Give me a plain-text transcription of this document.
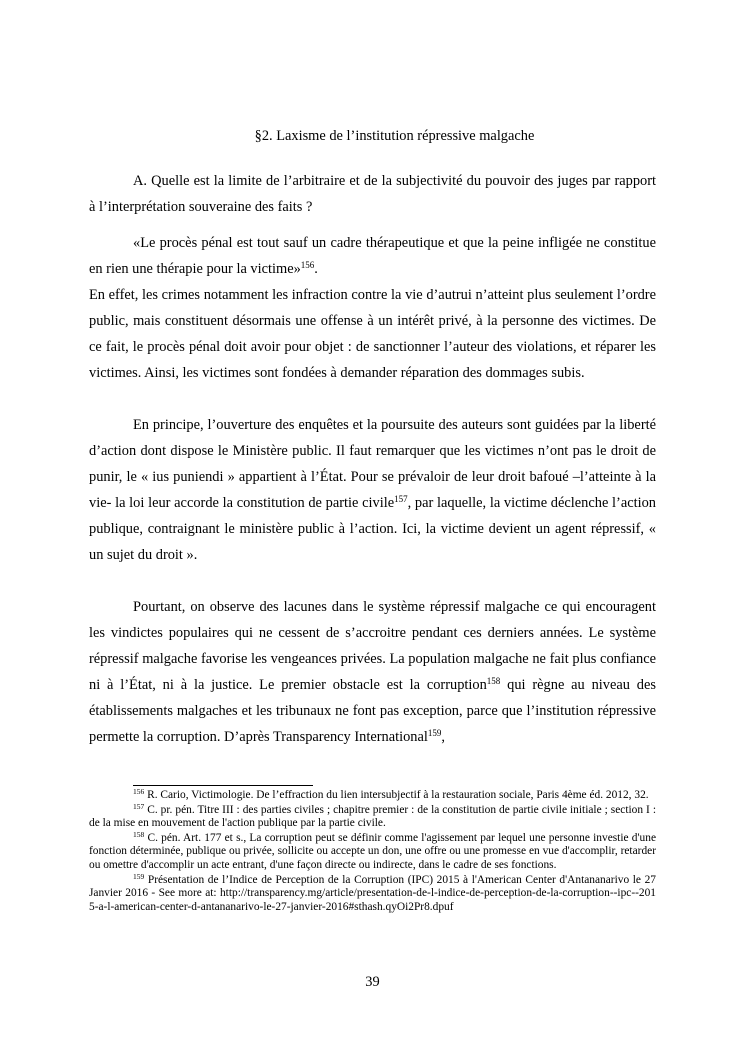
§2. Laxisme de l’institution répressive malgache

A. Quelle est la limite de l’arbitraire et de la subjectivité du pouvoir des juges par rapport à l’interprétation souveraine des faits ?

«Le procès pénal est tout sauf un cadre thérapeutique et que la peine infligée ne constitue en rien une thérapie pour la victime»$^{156}$.

En effet, les crimes notamment les infraction contre la vie d’autrui n’atteint plus seulement l’ordre public, mais constituent désormais une offense à un intérêt privé, à la personne des victimes. De ce fait, le procès pénal doit avoir pour objet : de sanctionner l’auteur des violations, et réparer les victimes. Ainsi, les victimes sont fondées à demander réparation des dommages subis.

En principe, l’ouverture des enquêtes et la poursuite des auteurs sont guidées par la liberté d’action dont dispose le Ministère public. Il faut remarquer que les victimes n’ont pas le droit de punir, le « ius puniendi » appartient à l’État. Pour se prévaloir de leur droit bafoué –l’atteinte à la vie- la loi leur accorde la constitution de partie civile$^{157}$, par laquelle, la victime déclenche l’action publique, contraignant le ministère public à l’action. Ici, la victime devient un agent répressif, « un sujet du droit ».

Pourtant, on observe des lacunes dans le système répressif malgache ce qui encouragent les vindictes populaires qui ne cessent de s’accroitre pendant ces derniers années. Le système répressif malgache favorise les vengeances privées. La population malgache ne fait plus confiance ni à l’État, ni à la justice. Le premier obstacle est la corruption$^{158}$ qui règne au niveau des établissements malgaches et les tribunaux ne font pas exception, parce que l’institution répressive permette la corruption. D’après Transparency International$^{159}$,

$^{156}$ R. Cario, Victimologie. De l’effraction du lien intersubjectif à la restauration sociale, Paris 4ème éd. 2012, 32.

$^{157}$ C. pr. pén. Titre III : des parties civiles ; chapitre premier : de la constitution de partie civile initiale ; section I : de la mise en mouvement de l'action publique par la partie civile.

$^{158}$ C. pén. Art. 177 et s., La corruption peut se définir comme l'agissement par lequel une personne investie d'une fonction déterminée, publique ou privée, sollicite ou accepte un don, une offre ou une promesse en vue d'accomplir, retarder ou omettre d'accomplir un acte entrant, d'une façon directe ou indirecte, dans le cadre de ses fonctions.

$^{159}$ Présentation de l’Indice de Perception de la Corruption (IPC) 2015 à l'American Center d'Antananarivo le 27 Janvier 2016 - See more at: http://transparency.mg/article/presentation-de-l-indice-de-perception-de-la-corruption--ipc--2015-a-l-american-center-d-antananarivo-le-27-janvier-2016#sthash.qyOi2Pr8.dpuf

39
